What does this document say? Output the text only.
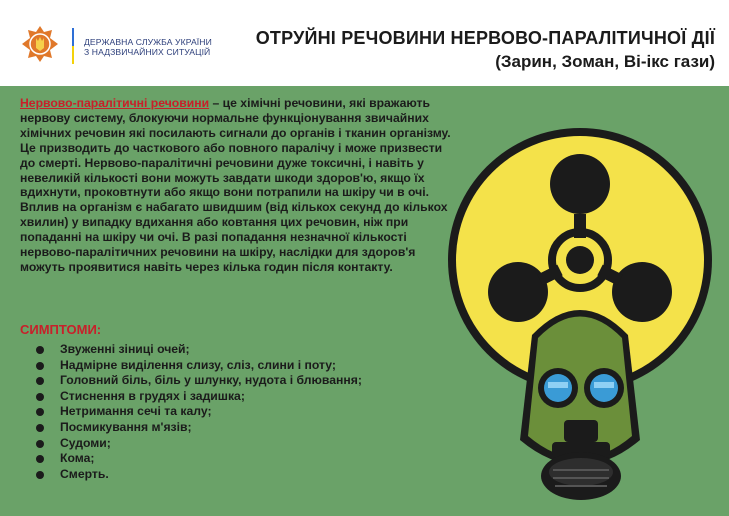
ДЕРЖАВНА СЛУЖБА УКРАЇНИ
З НАДЗВИЧАЙНИХ СИТУАЦІЙ
ОТРУЙНІ РЕЧОВИНИ НЕРВОВО-ПАРАЛІТИЧНОЇ ДІЇ
(Зарин, Зоман, Ві-ікс гази)
Нервово-паралітичні речовини – це хімічні речовини, які вражають нервову систему, блокуючи нормальне функціонування звичайних хімічних речовин які посилають сигнали до органів і тканин організму. Це призводить до часткового або повного паралічу і може призвести до смерті. Нервово-паралітичні речовини дуже токсичні, і навіть у невеликій кількості вони можуть завдати шкоди здоров'ю, якщо їх вдихнути, проковтнути або якщо вони потрапили на шкіру чи в очі. Вплив на організм є набагато швидшим (від кількох секунд до кількох хвилин) у випадку вдихання або ковтання цих речовин, ніж при попаданні на шкіру чи очі. В разі попадання незначної кількості нервово-паралітичних речовини на шкіру, наслідки для здоров'я можуть проявитися навіть через кілька годин після контакту.
СИМПТОМИ:
Звуженні зіниці очей;
Надмірне виділення слизу, сліз, слини і поту;
Головний біль, біль у шлунку, нудота і блювання;
Стиснення в грудях і задишка;
Нетримання сечі та калу;
Посмикування м'язів;
Судоми;
Кома;
Смерть.
